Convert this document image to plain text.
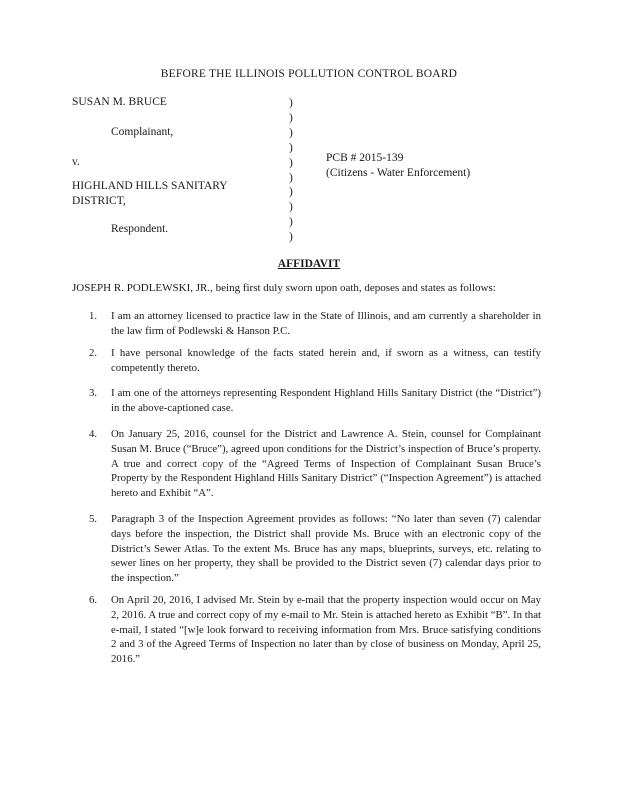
BEFORE THE ILLINOIS POLLUTION CONTROL BOARD
SUSAN M. BRUCE
Complainant,
v.
HIGHLAND HILLS SANITARY
DISTRICT,
Respondent.
)
)
)
)
)
)
)
)
)
)
PCB # 2015-139
(Citizens - Water Enforcement)
AFFIDAVIT
JOSEPH R. PODLEWSKI, JR., being first duly sworn upon oath, deposes and states as follows:
1. I am an attorney licensed to practice law in the State of Illinois, and am currently a shareholder in the law firm of Podlewski & Hanson P.C.
2. I have personal knowledge of the facts stated herein and, if sworn as a witness, can testify competently thereto.
3. I am one of the attorneys representing Respondent Highland Hills Sanitary District (the “District”) in the above-captioned case.
4. On January 25, 2016, counsel for the District and Lawrence A. Stein, counsel for Complainant Susan M. Bruce (“Bruce”), agreed upon conditions for the District’s inspection of Bruce’s property. A true and correct copy of the “Agreed Terms of Inspection of Complainant Susan Bruce’s Property by the Respondent Highland Hills Sanitary District” (“Inspection Agreement”) is attached hereto and Exhibit “A”.
5. Paragraph 3 of the Inspection Agreement provides as follows: “No later than seven (7) calendar days before the inspection, the District shall provide Ms. Bruce with an electronic copy of the District’s Sewer Atlas. To the extent Ms. Bruce has any maps, blueprints, surveys, etc. relating to sewer lines on her property, they shall be provided to the District seven (7) calendar days prior to the inspection.”
6. On April 20, 2016, I advised Mr. Stein by e-mail that the property inspection would occur on May 2, 2016. A true and correct copy of my e-mail to Mr. Stein is attached hereto as Exhibit “B”. In that e-mail, I stated “[w]e look forward to receiving information from Mrs. Bruce satisfying conditions 2 and 3 of the Agreed Terms of Inspection no later than by close of business on Monday, April 25, 2016.”
